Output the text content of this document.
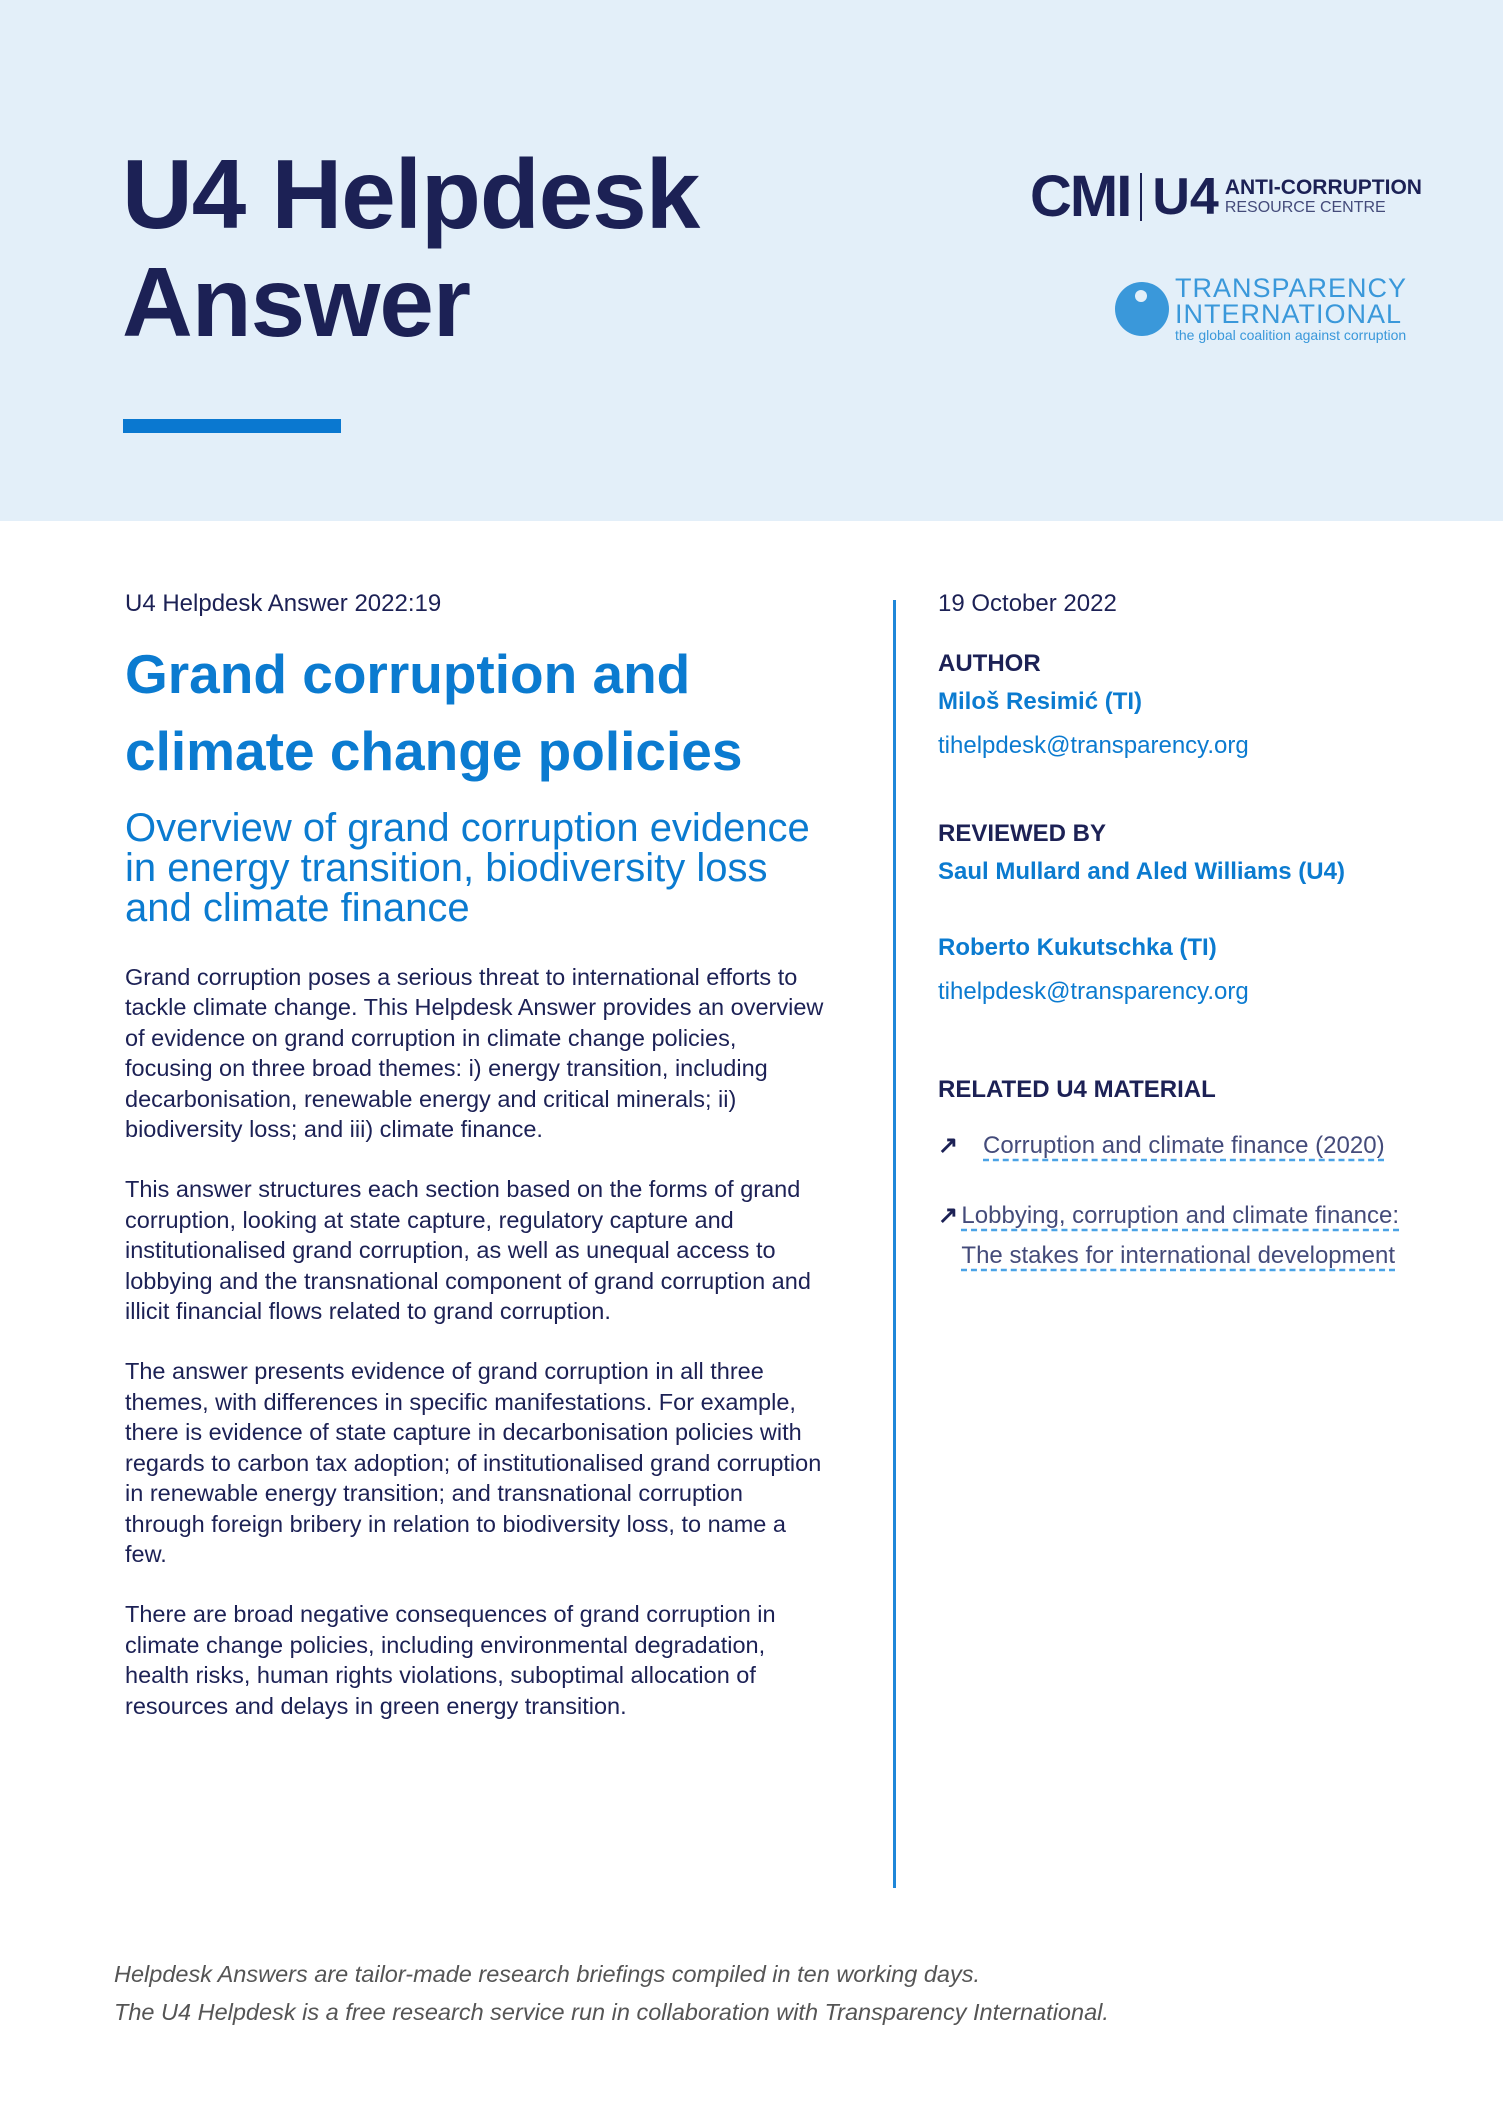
U4 Helpdesk
Answer
CMI U4 ANTI-CORRUPTION
RESOURCE CENTRE
TRANSPARENCY
INTERNATIONAL
the global coalition against corruption
U4 Helpdesk Answer 2022:19
Grand corruption and climate change policies
Overview of grand corruption evidence in energy transition, biodiversity loss and climate finance

Grand corruption poses a serious threat to international efforts to tackle climate change. This Helpdesk Answer provides an overview of evidence on grand corruption in climate change policies, focusing on three broad themes: i) energy transition, including decarbonisation, renewable energy and critical minerals; ii) biodiversity loss; and iii) climate finance.

This answer structures each section based on the forms of grand corruption, looking at state capture, regulatory capture and institutionalised grand corruption, as well as unequal access to lobbying and the transnational component of grand corruption and illicit financial flows related to grand corruption.

The answer presents evidence of grand corruption in all three themes, with differences in specific manifestations. For example, there is evidence of state capture in decarbonisation policies with regards to carbon tax adoption; of institutionalised grand corruption in renewable energy transition; and transnational corruption through foreign bribery in relation to biodiversity loss, to name a few.

There are broad negative consequences of grand corruption in climate change policies, including environmental degradation, health risks, human rights violations, suboptimal allocation of resources and delays in green energy transition.

19 October 2022
AUTHOR
Miloš Resimić (TI)
tihelpdesk@transparency.org
REVIEWED BY
Saul Mullard and Aled Williams (U4)
Roberto Kukutschka (TI)
tihelpdesk@transparency.org
RELATED U4 MATERIAL
↗	Corruption and climate finance (2020)
↗ Lobbying, corruption and climate finance: The stakes for international development
Helpdesk Answers are tailor-made research briefings compiled in ten working days.
The U4 Helpdesk is a free research service run in collaboration with Transparency International.
